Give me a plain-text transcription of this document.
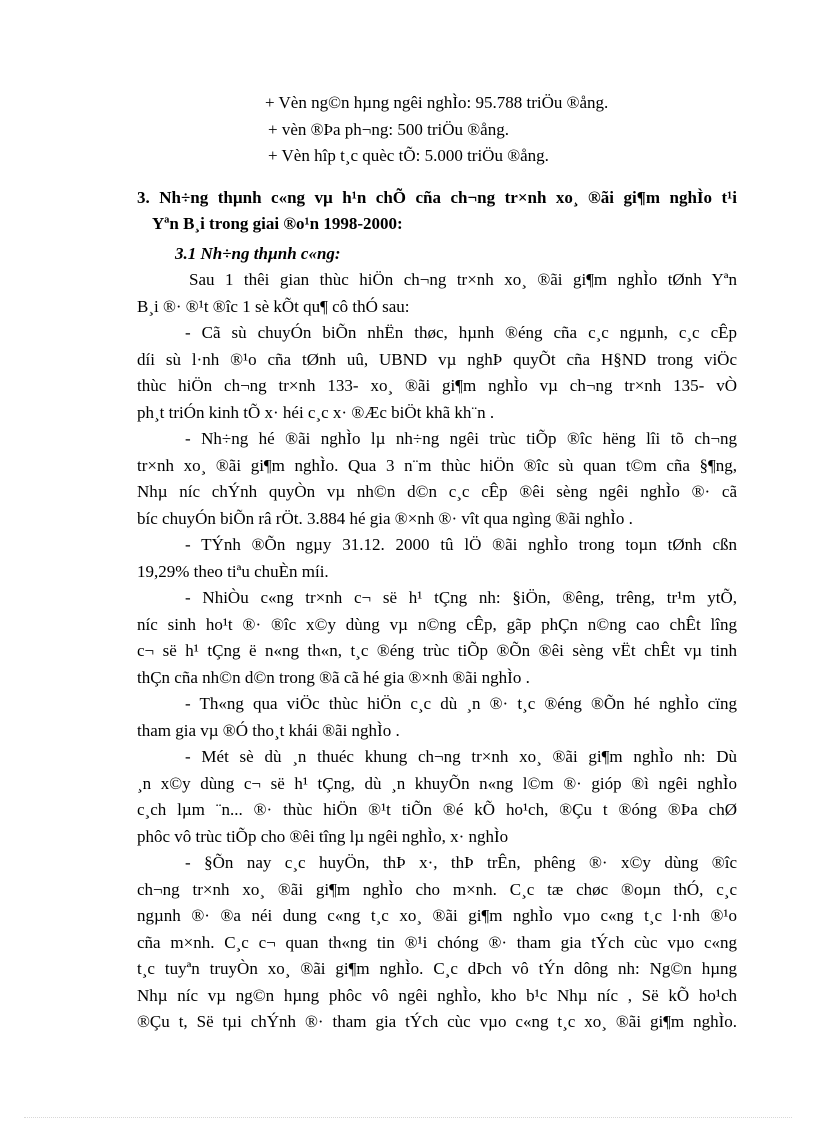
+ Vèn ng©n hµng ngêi nghÌo: 95.788 triÖu ®ång.
+ vèn ®Þa ph¬ng: 500 triÖu ®ång.
+ Vèn hîp t¸c quèc tÕ: 5.000 triÖu ®ång.
3. Nh÷ng thµnh c«ng vµ h¹n chÕ cña ch¬ng tr×nh xo¸ ®ãi gi¶m nghÌo t¹i
Yªn B¸i trong giai ®o¹n 1998-2000:
3.1 Nh÷ng thµnh c«ng:
Sau 1 thêi gian thùc hiÖn ch¬ng tr×nh xo¸ ®ãi gi¶m nghÌo tØnh Yªn
B¸i ®· ®¹t ®îc 1 sè kÕt qu¶ cô thÓ sau:
- Cã sù chuyÓn biÕn nhËn thøc, hµnh ®éng cña c¸c ngµnh, c¸c cÊp
díi sù l·nh ®¹o cña tØnh uû, UBND vµ nghÞ quyÕt cña H§ND trong viÖc
thùc hiÖn ch¬ng tr×nh 133- xo¸ ®ãi gi¶m nghÌo vµ ch¬ng tr×nh 135- vÒ
ph¸t triÓn kinh tÕ x· héi c¸c x· ®Æc biÖt khã kh¨n .
- Nh÷ng hé ®ãi nghÌo lµ nh÷ng ngêi trùc tiÕp ®îc hëng lîi tõ ch¬ng
tr×nh xo¸ ®ãi gi¶m nghÌo. Qua 3 n¨m thùc hiÖn ®îc sù quan t©m cña §¶ng,
Nhµ níc chÝnh quyÒn vµ nh©n d©n c¸c cÊp ®êi sèng ngêi nghÌo ®· cã
bíc chuyÓn biÕn râ rÖt. 3.884 hé gia ®×nh ®· vît qua ngìng ®ãi nghÌo .
- TÝnh ®Õn ngµy 31.12. 2000 tû lÖ ®ãi nghÌo trong toµn tØnh cßn
19,29% theo tiªu chuÈn míi.
- NhiÒu c«ng tr×nh c¬ së h¹ tÇng nh: §iÖn, ®êng, trêng, tr¹m ytÕ,
níc sinh ho¹t ®· ®îc x©y dùng vµ n©ng cÊp, gãp phÇn n©ng cao chÊt lîng
c¬ së h¹ tÇng ë n«ng th«n, t¸c ®éng trùc tiÕp ®Õn ®êi sèng vËt chÊt vµ tinh
thÇn cña nh©n d©n trong ®ã cã hé gia ®×nh ®ãi nghÌo .
- Th«ng qua viÖc thùc hiÖn c¸c dù ¸n ®· t¸c ®éng ®Õn hé nghÌo cïng
tham gia vµ ®Ó tho¸t khái ®ãi nghÌo .
- Mét sè dù ¸n thuéc khung ch¬ng tr×nh xo¸ ®ãi gi¶m nghÌo nh: Dù
¸n x©y dùng c¬ së h¹ tÇng, dù ¸n khuyÕn n«ng l©m ®· gióp ®ì ngêi nghÌo
c¸ch lµm ¨n... ®· thùc hiÖn ®¹t tiÕn ®é kÕ ho¹ch, ®Çu t ®óng ®Þa chØ
phôc vô trùc tiÕp cho ®êi tîng lµ ngêi nghÌo, x· nghÌo
- §Õn nay c¸c huyÖn, thÞ x·, thÞ trÊn, phêng ®· x©y dùng ®îc
ch¬ng tr×nh xo¸ ®ãi gi¶m nghÌo cho m×nh. C¸c tæ chøc ®oµn thÓ, c¸c
ngµnh ®· ®a néi dung c«ng t¸c xo¸ ®ãi gi¶m nghÌo vµo c«ng t¸c l·nh ®¹o
cña m×nh. C¸c c¬ quan th«ng tin ®¹i chóng ®· tham gia tÝch cùc vµo c«ng
t¸c tuyªn truyÒn xo¸ ®ãi gi¶m nghÌo. C¸c dÞch vô tÝn dông nh: Ng©n hµng
Nhµ níc vµ ng©n hµng phôc vô ngêi nghÌo, kho b¹c Nhµ níc , Së kÕ ho¹ch
®Çu t, Së tµi chÝnh ®· tham gia tÝch cùc vµo c«ng t¸c xo¸ ®ãi gi¶m nghÌo.
